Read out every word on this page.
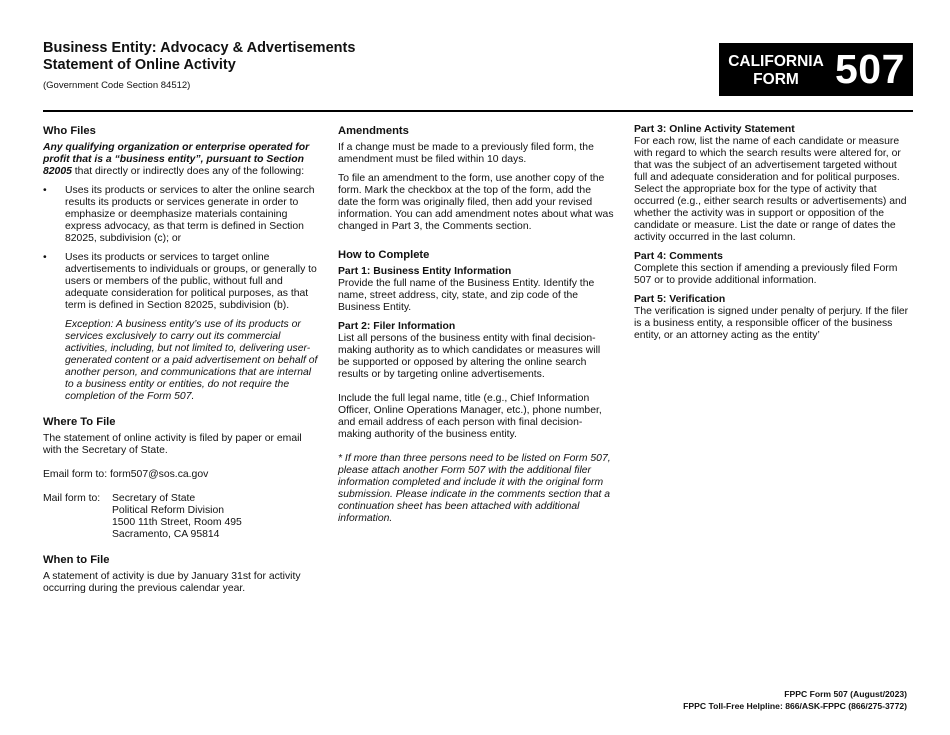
Business Entity: Advocacy & Advertisements
Statement of Online Activity
(Government Code Section 84512)
CALIFORNIA
FORM 507
Who Files

Any qualifying organization or enterprise operated for profit that is a “business entity”, pursuant to Section 82005 that directly or indirectly does any of the following:

• Uses its products or services to alter the online search results its products or services generate in order to emphasize or deemphasize materials containing express advocacy, as that term is defined in Section 82025, subdivision (c); or
• Uses its products or services to target online advertisements to individuals or groups, or generally to users or members of the public, without full and adequate consideration for political purposes, as that term is defined in Section 82025, subdivision (b).

Exception: A business entity’s use of its products or services exclusively to carry out its commercial activities, including, but not limited to, delivering user-generated content or a paid advertisement on behalf of another person, and communications that are internal to a business entity or entities, do not require the completion of the Form 507.

Where To File

The statement of online activity is filed by paper or email with the Secretary of State.

Email form to: form507@sos.ca.gov

Mail form to:	Secretary of State
Political Reform Division
1500 11th Street, Room 495
Sacramento, CA 95814
When to File

A statement of activity is due by January 31st for activity occurring during the previous calendar year.

Amendments

If a change must be made to a previously filed form, the amendment must be filed within 10 days.

To file an amendment to the form, use another copy of the form. Mark the checkbox at the top of the form, add the date the form was originally filed, then add your revised information. You can add amendment notes about what was changed in Part 3, the Comments section.

How to Complete
Part 1: Business Entity Information

Provide the full name of the Business Entity. Identify the name, street address, city, state, and zip code of the Business Entity.

Part 2: Filer Information

List all persons of the business entity with final decision-making authority as to which candidates or measures will be supported or opposed by altering the online search results or by targeting online advertisements.

Include the full legal name, title (e.g., Chief Information Officer, Online Operations Manager, etc.), phone number, and email address of each person with final decision-making authority of the business entity.

* If more than three persons need to be listed on Form 507, please attach another Form 507 with the additional filer information completed and include it with the original form submission. Please indicate in the comments section that a continuation sheet has been attached with additional information.

Part 3: Online Activity Statement

For each row, list the name of each candidate or measure with regard to which the search results were altered for, or that was the subject of an advertisement targeted without full and adequate consideration and for political purposes. Select the appropriate box for the type of activity that occurred (e.g., either search results or advertisements) and whether the activity was in support or opposition of the candidate or measure. List the date or range of dates the activity occurred in the last column.

Part 4: Comments

Complete this section if amending a previously filed Form 507 or to provide additional information.

Part 5: Verification

The verification is signed under penalty of perjury. If the filer is a business entity, a responsible officer of the business entity, or an attorney acting as the entity’

FPPC Form 507 (August/2023)
FPPC Toll-Free Helpline: 866/ASK-FPPC (866/275-3772)
